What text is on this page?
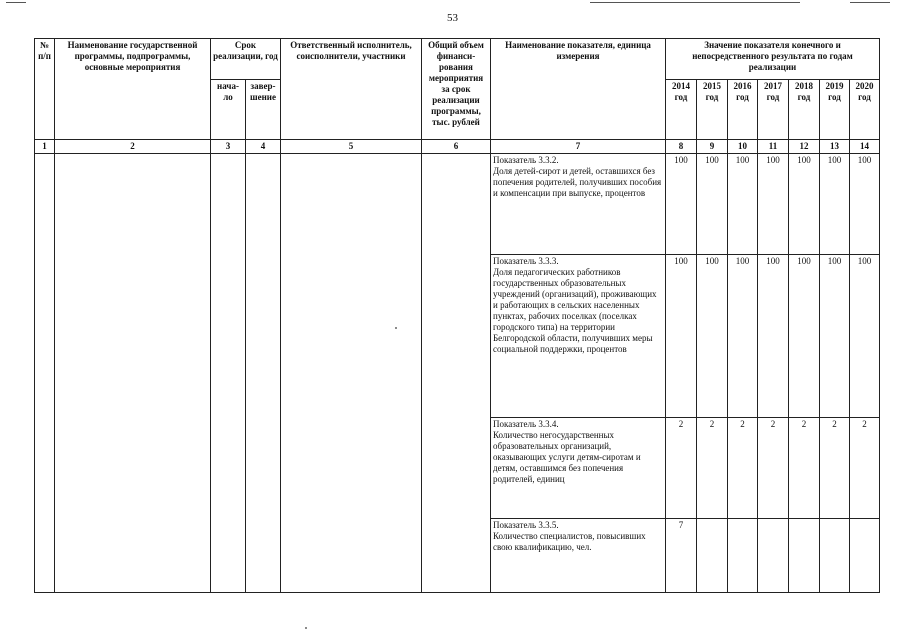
53
№ п/п	Наименование государственной программы, подпрограммы, основные мероприятия	Срок реализации, год		Ответственный исполнитель, соисполнители, участники	Общий объем финанси-рования мероприятия за срок реализации программы, тыс. рублей	Наименование показателя, единица измерения	Значение показателя конечного и непосредственного результата по годам реализации						
		нача-ло	завер-шение				2014 год	2015 год	2016 год	2017 год	2018 год	2019 год	2020 год
1	2	3	4	5	6	7	8	9	10	11	12	13	14

						Показатель 3.3.2.
Доля детей-сирот и детей, оставшихся без попечения родителей, получивших пособия и компенсации при выпуске, процентов	100	100	100	100	100	100	100

						Показатель 3.3.3.
Доля педагогических работников государственных образовательных учреждений (организаций), проживающих и работающих в сельских населенных пунктах, рабочих поселках (поселках городского типа) на территории Белгородской области, получивших меры социальной поддержки, процентов	100	100	100	100	100	100	100

						Показатель 3.3.4.
Количество негосударственных образовательных организаций, оказывающих услуги детям-сиротам и детям, оставшимся без попечения родителей, единиц	2	2	2	2	2	2	2

						Показатель 3.3.5.
Количество специалистов, повысивших свою квалификацию, чел.	7						
